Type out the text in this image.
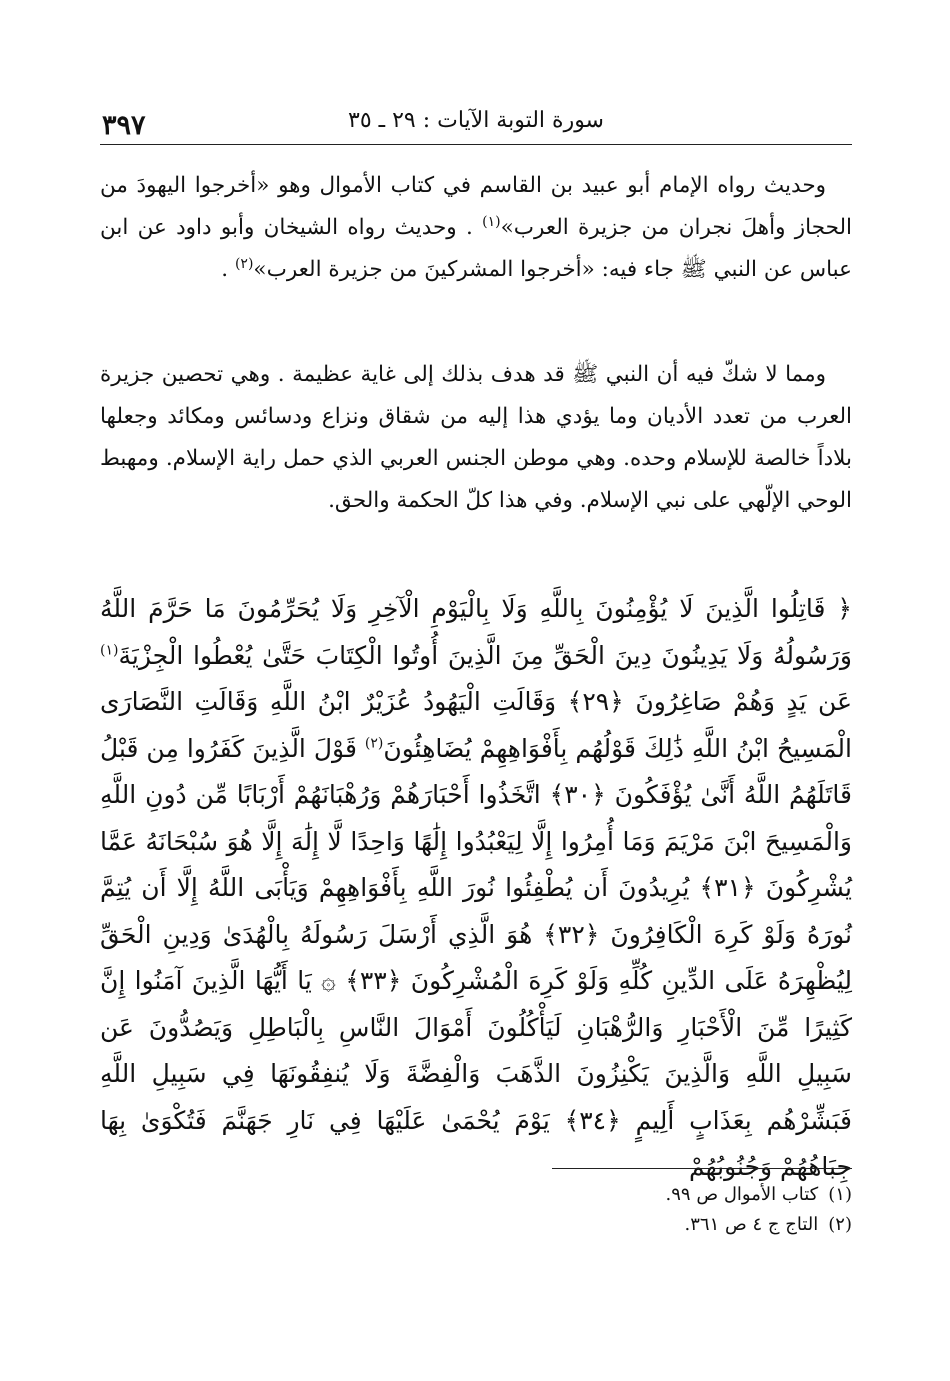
٣٩٧	سورة التوبة الآيات : ٢٩ ـ ٣٥

وحديث رواه الإمام أبو عبيد بن القاسم في كتاب الأموال وهو «أخرجوا اليهودَ من الحجاز وأهلَ نجران من جزيرة العرب»$^{(١)}$ . وحديث رواه الشيخان وأبو داود عن ابن عباس عن النبي ﷺ جاء فيه: «أخرجوا المشركينَ من جزيرة العرب»$^{(٢)}$ .

ومما لا شكّ فيه أن النبي ﷺ قد هدف بذلك إلى غاية عظيمة . وهي تحصين جزيرة العرب من تعدد الأديان وما يؤدي هذا إليه من شقاق ونزاع ودسائس ومكائد وجعلها بلاداً خالصة للإسلام وحده. وهي موطن الجنس العربي الذي حمل راية الإسلام. ومهبط الوحي الإلّهي على نبي الإسلام. وفي هذا كلّ الحكمة والحق.

﴿ قَاتِلُوا الَّذِينَ لَا يُؤْمِنُونَ بِاللَّهِ وَلَا بِالْيَوْمِ الْآخِرِ وَلَا يُحَرِّمُونَ مَا حَرَّمَ اللَّهُ وَرَسُولُهُ وَلَا يَدِينُونَ دِينَ الْحَقِّ مِنَ الَّذِينَ أُوتُوا الْكِتَابَ حَتَّىٰ يُعْطُوا الْجِزْيَةَ$^{(١)}$ عَن يَدٍ وَهُمْ صَاغِرُونَ ﴿٢٩﴾ وَقَالَتِ الْيَهُودُ عُزَيْرٌ ابْنُ اللَّهِ وَقَالَتِ النَّصَارَى الْمَسِيحُ ابْنُ اللَّهِ ذَٰلِكَ قَوْلُهُم بِأَفْوَاهِهِمْ يُضَاهِئُونَ$^{(٢)}$ قَوْلَ الَّذِينَ كَفَرُوا مِن قَبْلُ قَاتَلَهُمُ اللَّهُ أَنَّىٰ يُؤْفَكُونَ ﴿٣٠﴾ اتَّخَذُوا أَحْبَارَهُمْ وَرُهْبَانَهُمْ أَرْبَابًا مِّن دُونِ اللَّهِ وَالْمَسِيحَ ابْنَ مَرْيَمَ وَمَا أُمِرُوا إِلَّا لِيَعْبُدُوا إِلَٰهًا وَاحِدًا لَّا إِلَٰهَ إِلَّا هُوَ سُبْحَانَهُ عَمَّا يُشْرِكُونَ ﴿٣١﴾ يُرِيدُونَ أَن يُطْفِئُوا نُورَ اللَّهِ بِأَفْوَاهِهِمْ وَيَأْبَى اللَّهُ إِلَّا أَن يُتِمَّ نُورَهُ وَلَوْ كَرِهَ الْكَافِرُونَ ﴿٣٢﴾ هُوَ الَّذِي أَرْسَلَ رَسُولَهُ بِالْهُدَىٰ وَدِينِ الْحَقِّ لِيُظْهِرَهُ عَلَى الدِّينِ كُلِّهِ وَلَوْ كَرِهَ الْمُشْرِكُونَ ﴿٣٣﴾ ۞ يَا أَيُّهَا الَّذِينَ آمَنُوا إِنَّ كَثِيرًا مِّنَ الْأَحْبَارِ وَالرُّهْبَانِ لَيَأْكُلُونَ أَمْوَالَ النَّاسِ بِالْبَاطِلِ وَيَصُدُّونَ عَن سَبِيلِ اللَّهِ وَالَّذِينَ يَكْنِزُونَ الذَّهَبَ وَالْفِضَّةَ وَلَا يُنفِقُونَهَا فِي سَبِيلِ اللَّهِ فَبَشِّرْهُم بِعَذَابٍ أَلِيمٍ ﴿٣٤﴾ يَوْمَ يُحْمَىٰ عَلَيْهَا فِي نَارِ جَهَنَّمَ فَتُكْوَىٰ بِهَا جِبَاهُهُمْ وَجُنُوبُهُمْ

(١)كتاب الأموال ص ٩٩.
(٢)التاج ج ٤ ص ٣٦١.
